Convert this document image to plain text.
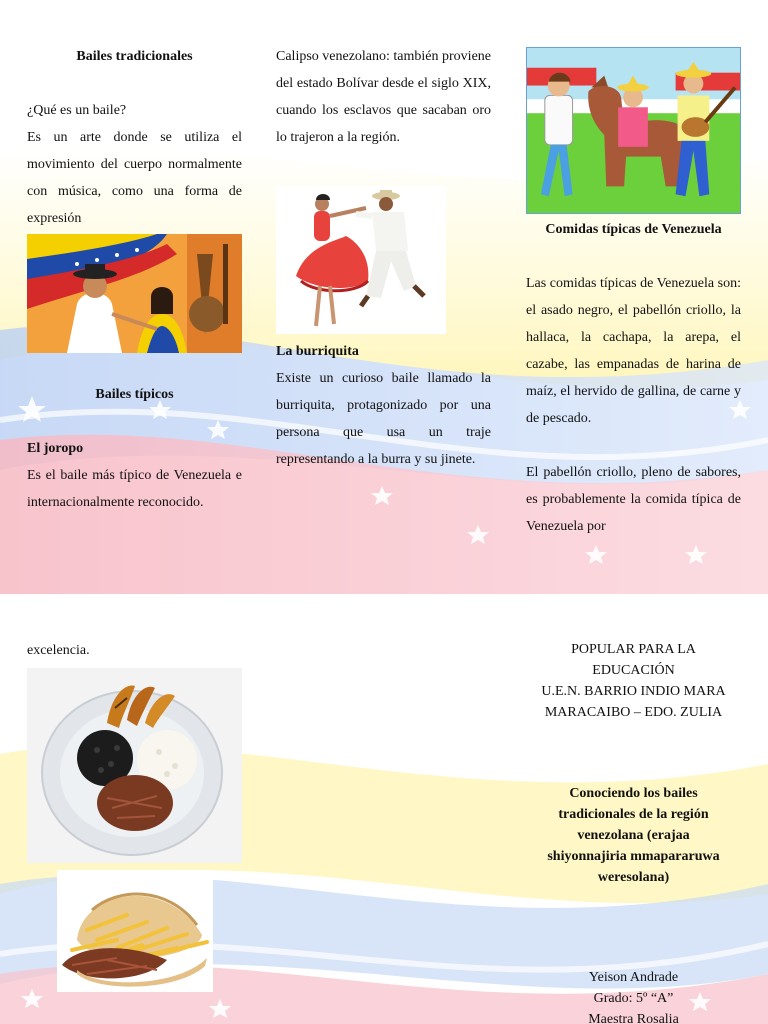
Bailes tradicionales

¿Qué es un baile?

Es un arte donde se utiliza el movimiento del cuerpo normalmente con música, como una forma de expresión

Bailes típicos

El joropo

Es el baile más típico de Venezuela e internacionalmente reconocido.

Calipso venezolano: también proviene del estado Bolívar desde el siglo XIX, cuando los esclavos que sacaban oro lo trajeron a la región.

La burriquita

Existe un curioso baile llamado la burriquita, protagonizado por una persona que usa un traje representando a la burra y su jinete.

Comidas típicas de Venezuela

Las comidas típicas de Venezuela son: el asado negro, el pabellón criollo, la hallaca, la cachapa, la arepa, el cazabe, las empanadas de harina de maíz, el hervido de gallina, de carne y de pescado.

El pabellón criollo, pleno de sabores, es probablemente la comida típica de Venezuela por

excelencia.	POPULAR PARA LA

EDUCACIÓN

U.E.N. BARRIO INDIO MARA

MARACAIBO – EDO. ZULIA

Conociendo los bailes

tradicionales de la región

venezolana (erajaa

shiyonnajiria mmapararuwa

weresolana)

Yeison Andrade

Grado: 5º “A”

Maestra Rosalia
